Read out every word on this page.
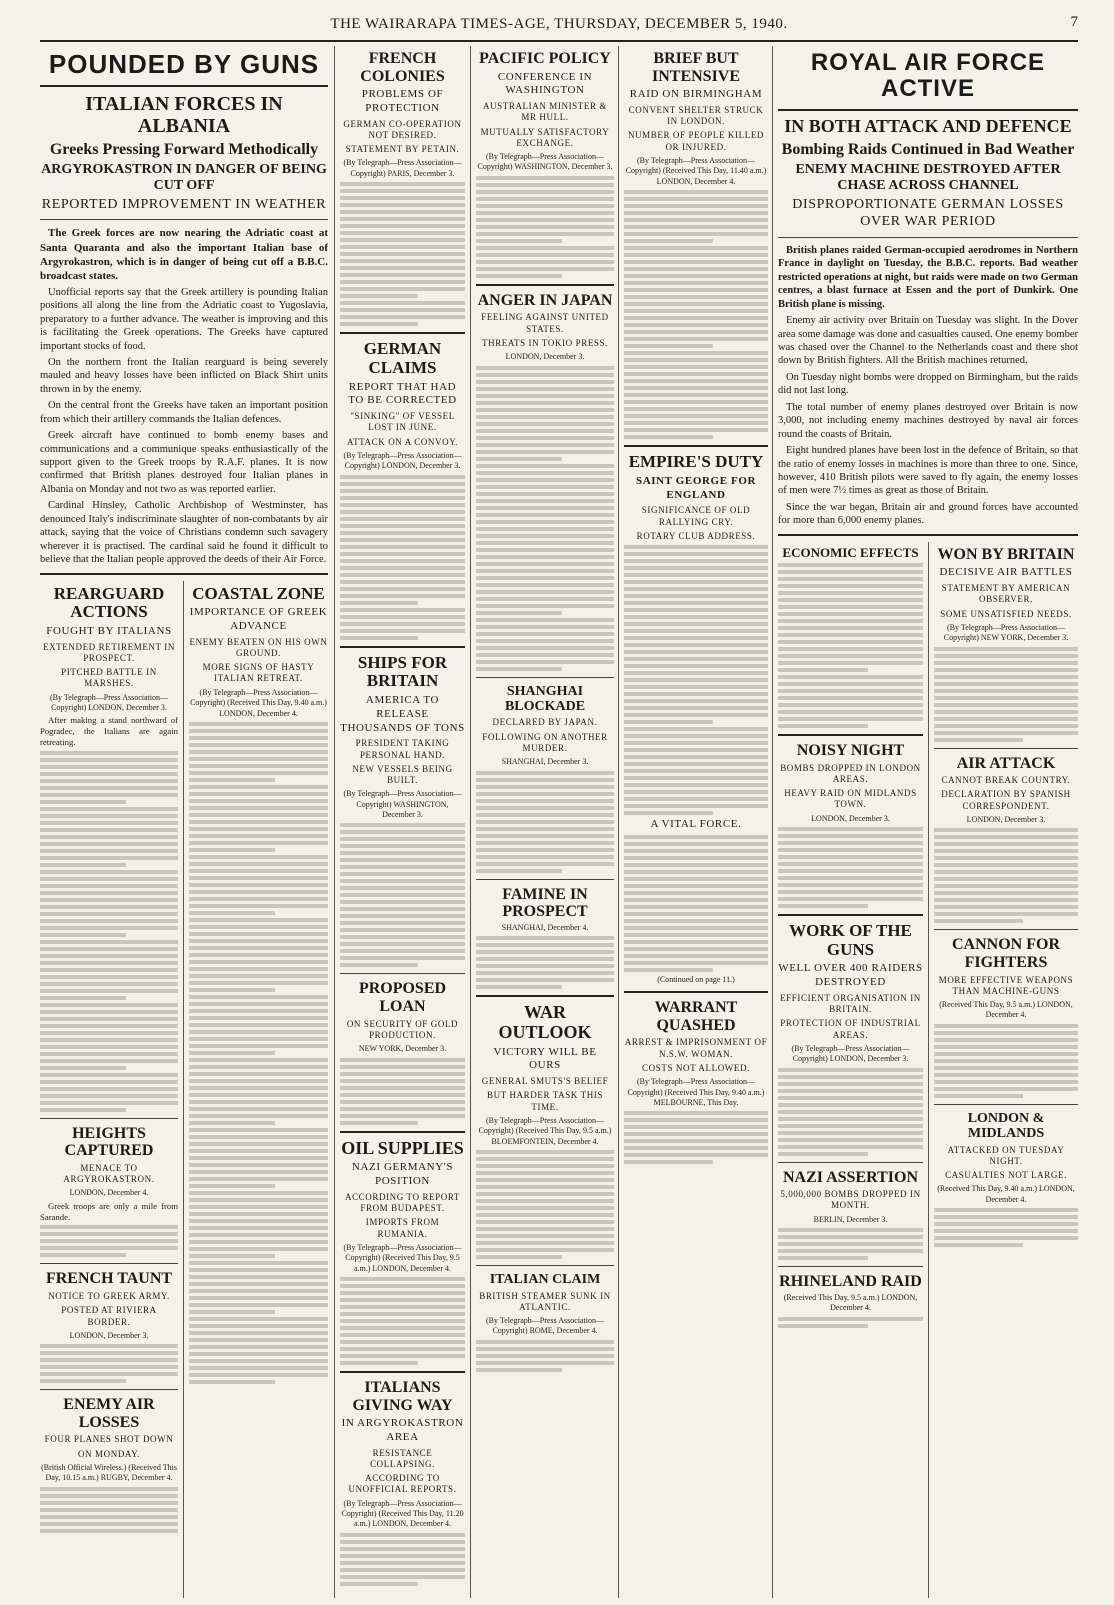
THE WAIRARAPA TIMES-AGE, THURSDAY, DECEMBER 5, 1940.	7
POUNDED BY GUNS
ITALIAN FORCES IN ALBANIA
Greeks Pressing Forward Methodically
ARGYROKASTRON IN DANGER OF BEING CUT OFF
REPORTED IMPROVEMENT IN WEATHER

The Greek forces are now nearing the Adriatic coast at Santa Quaranta and also the important Italian base of Argyrokastron, which is in danger of being cut off a B.B.C. broadcast states.

Unofficial reports say that the Greek artillery is pounding Italian positions all along the line from the Adriatic coast to Yugoslavia, preparatory to a further advance. The weather is improving and this is facilitating the Greek operations. The Greeks have captured important stocks of food.

On the northern front the Italian rearguard is being severely mauled and heavy losses have been inflicted on Black Shirt units thrown in by the enemy.

On the central front the Greeks have taken an important position from which their artillery commands the Italian defences.

Greek aircraft have continued to bomb enemy bases and communications and a communique speaks enthusiastically of the support given to the Greek troops by R.A.F. planes. It is now confirmed that British planes destroyed four Italian planes in Albania on Monday and not two as was reported earlier.

Cardinal Hinsley, Catholic Archbishop of Westminster, has denounced Italy's indiscriminate slaughter of non-combatants by air attack, saying that the voice of Christians condemn such savagery wherever it is practised. The cardinal said he found it difficult to believe that the Italian people approved the deeds of their Air Force.

REARGUARD ACTIONS
FOUGHT BY ITALIANS
EXTENDED RETIREMENT IN PROSPECT.
PITCHED BATTLE IN MARSHES.
(By Telegraph—Press Association—Copyright) LONDON, December 3.

After making a stand northward of Pogradec, the Italians are again retreating.

HEIGHTS CAPTURED
MENACE TO ARGYROKASTRON.
LONDON, December 4.

Greek troops are only a mile from Sarande.

FRENCH TAUNT
NOTICE TO GREEK ARMY.
POSTED AT RIVIERA BORDER.
LONDON, December 3.
ENEMY AIR LOSSES
FOUR PLANES SHOT DOWN
ON MONDAY.
(British Official Wireless.) (Received This Day, 10.15 a.m.) RUGBY, December 4.
COASTAL ZONE
IMPORTANCE OF GREEK ADVANCE
ENEMY BEATEN ON HIS OWN GROUND.
MORE SIGNS OF HASTY ITALIAN RETREAT.
(By Telegraph—Press Association—Copyright) (Received This Day, 9.40 a.m.) LONDON, December 4.
FRENCH COLONIES
PROBLEMS OF PROTECTION
GERMAN CO-OPERATION NOT DESIRED.
STATEMENT BY PETAIN.
(By Telegraph—Press Association—Copyright) PARIS, December 3.
GERMAN CLAIMS
REPORT THAT HAD TO BE CORRECTED
"SINKING" OF VESSEL LOST IN JUNE.
ATTACK ON A CONVOY.
(By Telegraph—Press Association—Copyright) LONDON, December 3.
SHIPS FOR BRITAIN
AMERICA TO RELEASE THOUSANDS OF TONS
PRESIDENT TAKING PERSONAL HAND.
NEW VESSELS BEING BUILT.
(By Telegraph—Press Association—Copyright) WASHINGTON, December 3.
PROPOSED LOAN
ON SECURITY OF GOLD PRODUCTION.
NEW YORK, December 3.
OIL SUPPLIES
NAZI GERMANY'S POSITION
ACCORDING TO REPORT FROM BUDAPEST.
IMPORTS FROM RUMANIA.
(By Telegraph—Press Association—Copyright) (Received This Day, 9.5 a.m.) LONDON, December 4.
ITALIANS GIVING WAY
IN ARGYROKASTRON AREA
RESISTANCE COLLAPSING.
ACCORDING TO UNOFFICIAL REPORTS.
(By Telegraph—Press Association—Copyright) (Received This Day, 11.20 a.m.) LONDON, December 4.
PACIFIC POLICY
CONFERENCE IN WASHINGTON
AUSTRALIAN MINISTER & MR HULL.
MUTUALLY SATISFACTORY EXCHANGE.
(By Telegraph—Press Association—Copyright) WASHINGTON, December 3.
ANGER IN JAPAN
FEELING AGAINST UNITED STATES.
THREATS IN TOKIO PRESS.
LONDON, December 3.
SHANGHAI BLOCKADE
DECLARED BY JAPAN.
FOLLOWING ON ANOTHER MURDER.
SHANGHAI, December 3.
FAMINE IN PROSPECT
SHANGHAI, December 4.
WAR OUTLOOK
VICTORY WILL BE OURS
GENERAL SMUTS'S BELIEF
BUT HARDER TASK THIS TIME.
(By Telegraph—Press Association—Copyright) (Received This Day, 9.5 a.m.) BLOEMFONTEIN, December 4.
ITALIAN CLAIM
BRITISH STEAMER SUNK IN ATLANTIC.
(By Telegraph—Press Association—Copyright) ROME, December 4.
BRIEF BUT INTENSIVE
RAID ON BIRMINGHAM
CONVENT SHELTER STRUCK IN LONDON.
NUMBER OF PEOPLE KILLED OR INJURED.
(By Telegraph—Press Association—Copyright) (Received This Day, 11.40 a.m.) LONDON, December 4.
EMPIRE'S DUTY
SAINT GEORGE FOR ENGLAND
SIGNIFICANCE OF OLD RALLYING CRY.
ROTARY CLUB ADDRESS.
A VITAL FORCE.
(Continued on page 11.)
WARRANT QUASHED
ARREST & IMPRISONMENT OF N.S.W. WOMAN.
COSTS NOT ALLOWED.
(By Telegraph—Press Association—Copyright) (Received This Day, 9.40 a.m.) MELBOURNE, This Day.
ROYAL AIR FORCE ACTIVE
IN BOTH ATTACK AND DEFENCE
Bombing Raids Continued in Bad Weather
ENEMY MACHINE DESTROYED AFTER CHASE ACROSS CHANNEL
DISPROPORTIONATE GERMAN LOSSES OVER WAR PERIOD

British planes raided German-occupied aerodromes in Northern France in daylight on Tuesday, the B.B.C. reports. Bad weather restricted operations at night, but raids were made on two German centres, a blast furnace at Essen and the port of Dunkirk. One British plane is missing.

Enemy air activity over Britain on Tuesday was slight. In the Dover area some damage was done and casualties caused. One enemy bomber was chased over the Channel to the Netherlands coast and there shot down by British fighters. All the British machines returned.

On Tuesday night bombs were dropped on Birmingham, but the raids did not last long.

The total number of enemy planes destroyed over Britain is now 3,000, not including enemy machines destroyed by naval air forces round the coasts of Britain.

Eight hundred planes have been lost in the defence of Britain, so that the ratio of enemy losses in machines is more than three to one. Since, however, 410 British pilots were saved to fly again, the enemy losses of men were 7½ times as great as those of Britain.

Since the war began, Britain air and ground forces have accounted for more than 6,000 enemy planes.

ECONOMIC EFFECTS
NOISY NIGHT
BOMBS DROPPED IN LONDON AREAS.
HEAVY RAID ON MIDLANDS TOWN.
LONDON, December 3.
WORK OF THE GUNS
WELL OVER 400 RAIDERS DESTROYED
EFFICIENT ORGANISATION IN BRITAIN.
PROTECTION OF INDUSTRIAL AREAS.
(By Telegraph—Press Association—Copyright) LONDON, December 3.
NAZI ASSERTION
5,000,000 BOMBS DROPPED IN MONTH.
BERLIN, December 3.
RHINELAND RAID
(Received This Day, 9.5 a.m.) LONDON, December 4.
WON BY BRITAIN
DECISIVE AIR BATTLES
STATEMENT BY AMERICAN OBSERVER.
SOME UNSATISFIED NEEDS.
(By Telegraph—Press Association—Copyright) NEW YORK, December 3.
AIR ATTACK
CANNOT BREAK COUNTRY.
DECLARATION BY SPANISH CORRESPONDENT.
LONDON, December 3.
CANNON FOR FIGHTERS
MORE EFFECTIVE WEAPONS THAN MACHINE-GUNS
(Received This Day, 9.5 a.m.) LONDON, December 4.
LONDON & MIDLANDS
ATTACKED ON TUESDAY NIGHT.
CASUALTIES NOT LARGE.
(Received This Day, 9.40 a.m.) LONDON, December 4.
